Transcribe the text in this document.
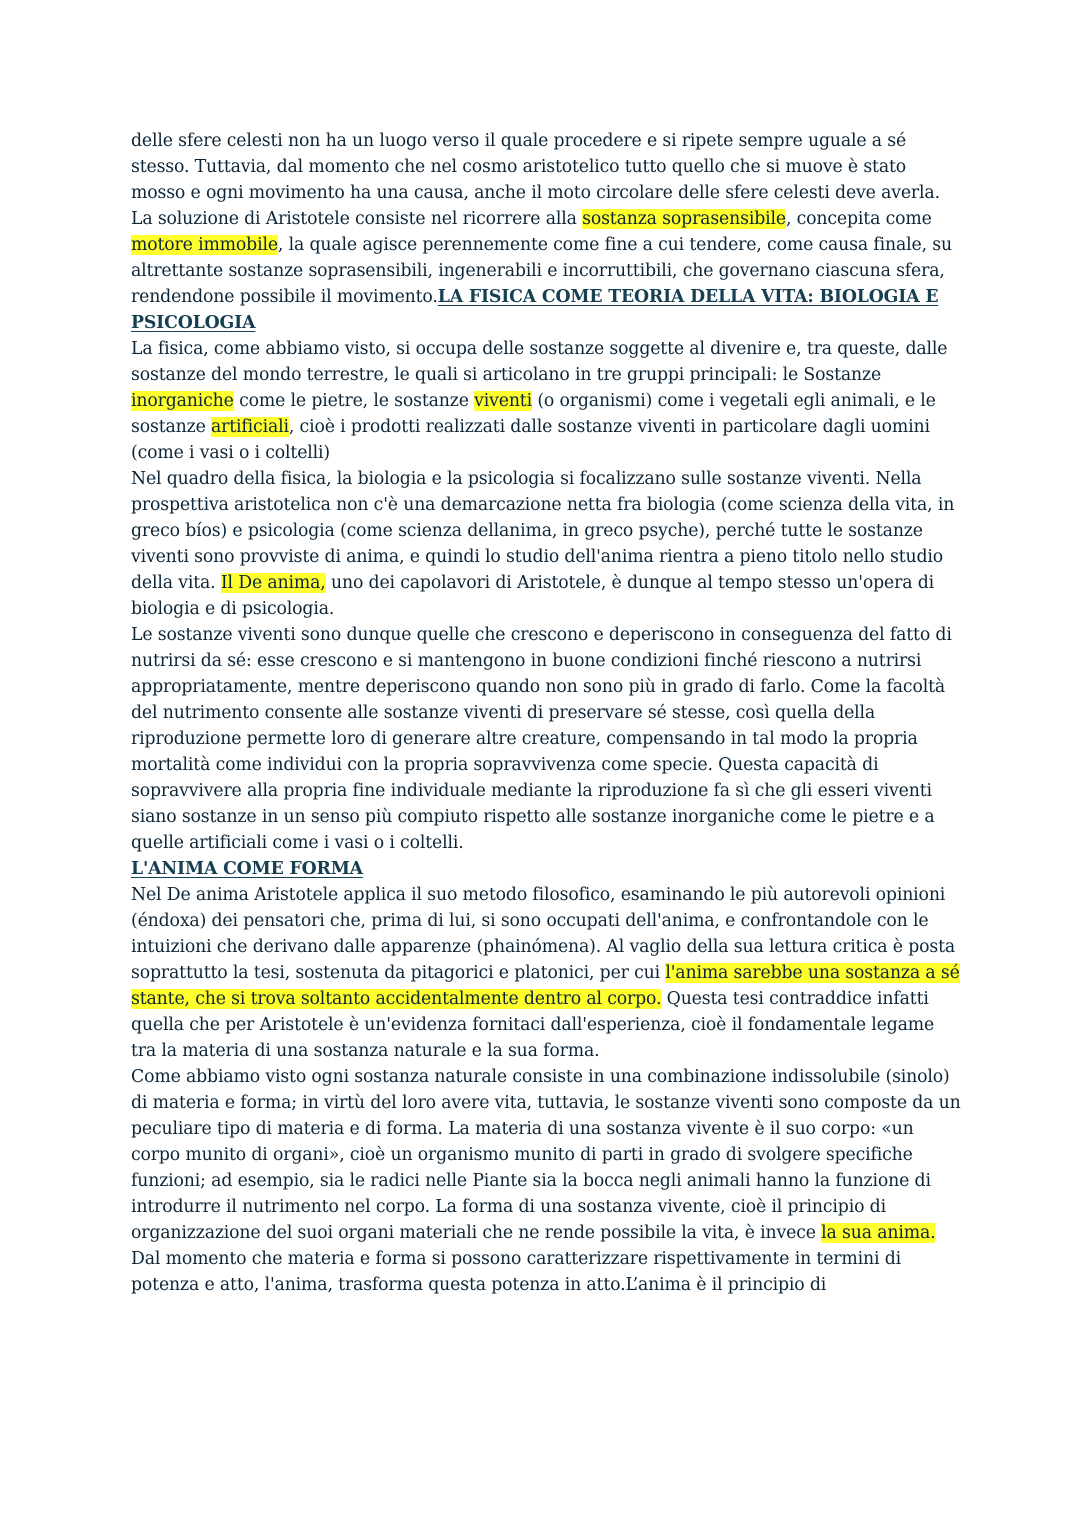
delle sfere celesti non ha un luogo verso il quale procedere e si ripete sempre uguale a sé stesso. Tuttavia, dal momento che nel cosmo aristotelico tutto quello che si muove è stato mosso e ogni movimento ha una causa, anche il moto circolare delle sfere celesti deve averla.

La soluzione di Aristotele consiste nel ricorrere alla sostanza soprasensibile, concepita come motore immobile, la quale agisce perennemente come fine a cui tendere, come causa finale, su altrettante sostanze soprasensibili, ingenerabili e incorruttibili, che governano ciascuna sfera, rendendone possibile il movimento.LA FISICA COME TEORIA DELLA VITA: BIOLOGIA E PSICOLOGIA

La fisica, come abbiamo visto, si occupa delle sostanze soggette al divenire e, tra queste, dalle sostanze del mondo terrestre, le quali si articolano in tre gruppi principali: le Sostanze inorganiche come le pietre, le sostanze viventi (o organismi) come i vegetali egli animali, e le sostanze artificiali, cioè i prodotti realizzati dalle sostanze viventi in particolare dagli uomini (come i vasi o i coltelli)

Nel quadro della fisica, la biologia e la psicologia si focalizzano sulle sostanze viventi. Nella prospettiva aristotelica non c'è una demarcazione netta fra biologia (come scienza della vita, in greco bíos) e psicologia (come scienza dellanima, in greco psyche), perché tutte le sostanze viventi sono provviste di anima, e quindi lo studio dell'anima rientra a pieno titolo nello studio della vita. Il De anima, uno dei capolavori di Aristotele, è dunque al tempo stesso un'opera di biologia e di psicologia.

Le sostanze viventi sono dunque quelle che crescono e deperiscono in conseguenza del fatto di nutrirsi da sé: esse crescono e si mantengono in buone condizioni finché riescono a nutrirsi appropriatamente, mentre deperiscono quando non sono più in grado di farlo. Come la facoltà del nutrimento consente alle sostanze viventi di preservare sé stesse, così quella della riproduzione permette loro di generare altre creature, compensando in tal modo la propria mortalità come individui con la propria sopravvivenza come specie. Questa capacità di sopravvivere alla propria fine individuale mediante la riproduzione fa sì che gli esseri viventi siano sostanze in un senso più compiuto rispetto alle sostanze inorganiche come le pietre e a quelle artificiali come i vasi o i coltelli.

L'ANIMA COME FORMA

Nel De anima Aristotele applica il suo metodo filosofico, esaminando le più autorevoli opinioni (éndoxa) dei pensatori che, prima di lui, si sono occupati dell'anima, e confrontandole con le intuizioni che derivano dalle apparenze (phainómena). Al vaglio della sua lettura critica è posta soprattutto la tesi, sostenuta da pitagorici e platonici, per cui l'anima sarebbe una sostanza a sé stante, che si trova soltanto accidentalmente dentro al corpo. Questa tesi contraddice infatti quella che per Aristotele è un'evidenza fornitaci dall'esperienza, cioè il fondamentale legame tra la materia di una sostanza naturale e la sua forma.

Come abbiamo visto ogni sostanza naturale consiste in una combinazione indissolubile (sinolo) di materia e forma; in virtù del loro avere vita, tuttavia, le sostanze viventi sono composte da un peculiare tipo di materia e di forma. La materia di una sostanza vivente è il suo corpo: «un corpo munito di organi», cioè un organismo munito di parti in grado di svolgere specifiche funzioni; ad esempio, sia le radici nelle Piante sia la bocca negli animali hanno la funzione di introdurre il nutrimento nel corpo. La forma di una sostanza vivente, cioè il principio di organizzazione del suoi organi materiali che ne rende possibile la vita, è invece la sua anima.

Dal momento che materia e forma si possono caratterizzare rispettivamente in termini di potenza e atto, l'anima, trasforma questa potenza in atto.L’anima è il principio di
